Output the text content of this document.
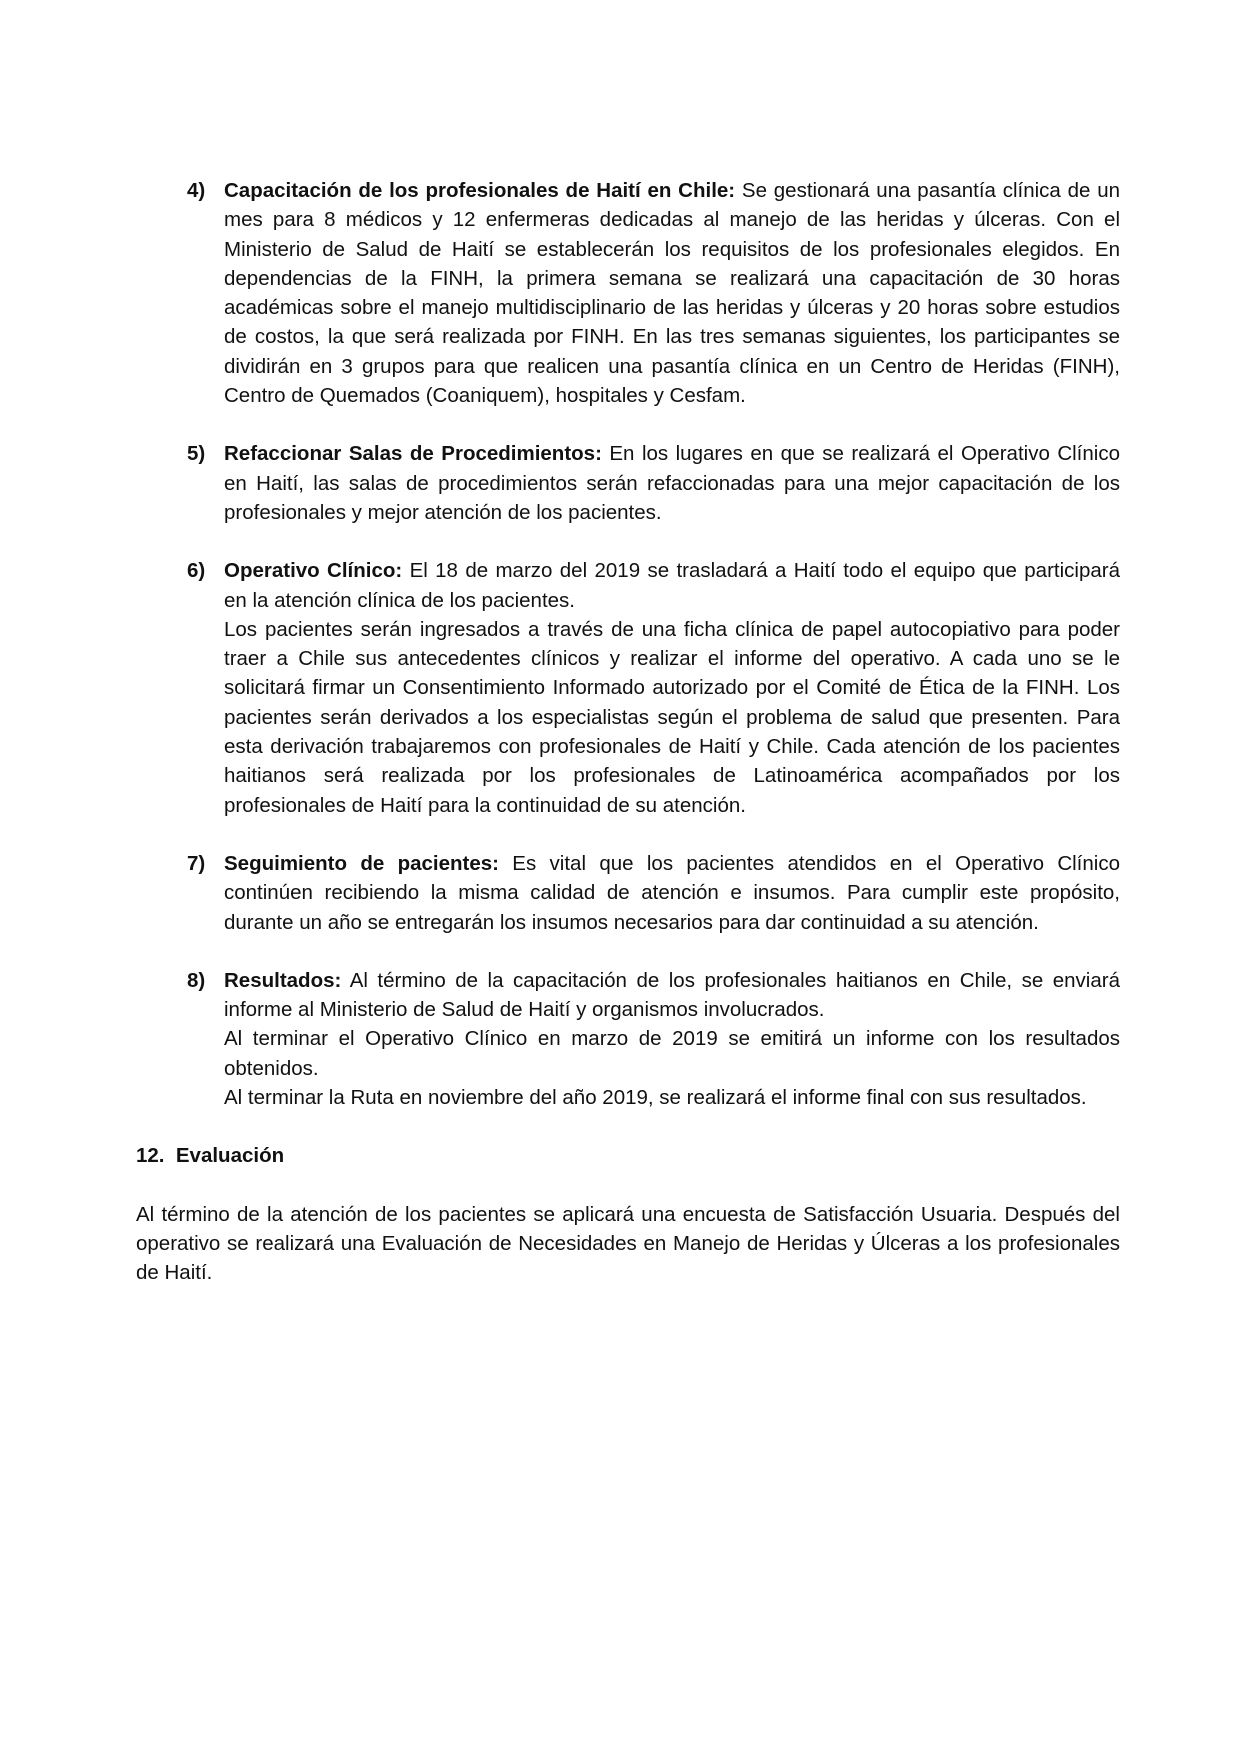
4) Capacitación de los profesionales de Haití en Chile: Se gestionará una pasantía clínica de un mes para 8 médicos y 12 enfermeras dedicadas al manejo de las heridas y úlceras. Con el Ministerio de Salud de Haití se establecerán los requisitos de los profesionales elegidos. En dependencias de la FINH, la primera semana se realizará una capacitación de 30 horas académicas sobre el manejo multidisciplinario de las heridas y úlceras y 20 horas sobre estudios de costos, la que será realizada por FINH. En las tres semanas siguientes, los participantes se dividirán en 3 grupos para que realicen una pasantía clínica en un Centro de Heridas (FINH), Centro de Quemados (Coaniquem), hospitales y Cesfam.

5) Refaccionar Salas de Procedimientos: En los lugares en que se realizará el Operativo Clínico en Haití, las salas de procedimientos serán refaccionadas para una mejor capacitación de los profesionales y mejor atención de los pacientes.

6) Operativo Clínico: El 18 de marzo del 2019 se trasladará a Haití todo el equipo que participará en la atención clínica de los pacientes.

Los pacientes serán ingresados a través de una ficha clínica de papel autocopiativo para poder traer a Chile sus antecedentes clínicos y realizar el informe del operativo. A cada uno se le solicitará firmar un Consentimiento Informado autorizado por el Comité de Ética de la FINH. Los pacientes serán derivados a los especialistas según el problema de salud que presenten. Para esta derivación trabajaremos con profesionales de Haití y Chile. Cada atención de los pacientes haitianos será realizada por los profesionales de Latinoamérica acompañados por los profesionales de Haití para la continuidad de su atención.

7) Seguimiento de pacientes: Es vital que los pacientes atendidos en el Operativo Clínico continúen recibiendo la misma calidad de atención e insumos. Para cumplir este propósito, durante un año se entregarán los insumos necesarios para dar continuidad a su atención.

8) Resultados: Al término de la capacitación de los profesionales haitianos en Chile, se enviará informe al Ministerio de Salud de Haití y organismos involucrados.

Al terminar el Operativo Clínico en marzo de 2019 se emitirá un informe con los resultados obtenidos.

Al terminar la Ruta en noviembre del año 2019, se realizará el informe final con sus resultados.

12.  Evaluación

Al término de la atención de los pacientes se aplicará una encuesta de Satisfacción Usuaria. Después del operativo se realizará una Evaluación de Necesidades en Manejo de Heridas y Úlceras a los profesionales de Haití.
